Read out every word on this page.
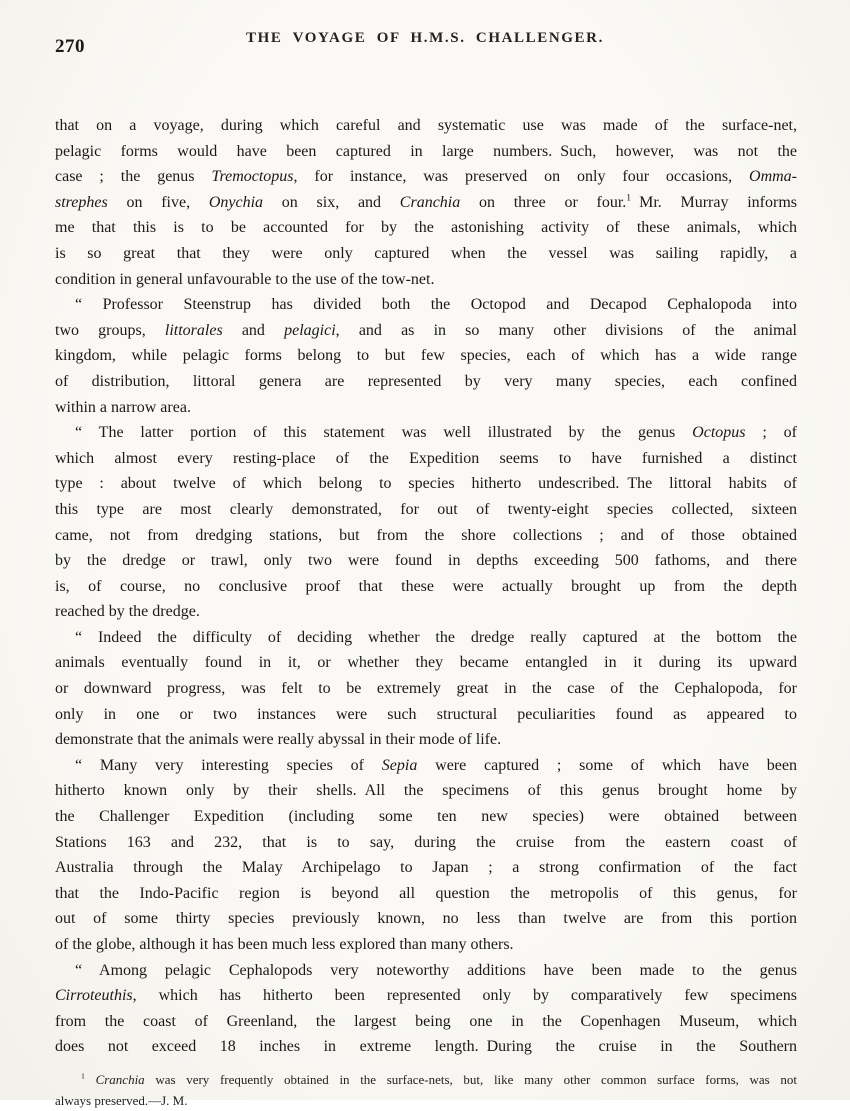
270	THE VOYAGE OF H.M.S. CHALLENGER.
that on a voyage, during which careful and systematic use was made of the surface-net,
pelagic forms would have been captured in large numbers. Such, however, was not the
case ; the genus Tremoctopus, for instance, was preserved on only four occasions, Omma-
strephes on five, Onychia on six, and Cranchia on three or four.$^1$ Mr. Murray informs
me that this is to be accounted for by the astonishing activity of these animals, which
is so great that they were only captured when the vessel was sailing rapidly, a
condition in general unfavourable to the use of the tow-net.
“ Professor Steenstrup has divided both the Octopod and Decapod Cephalopoda into
two groups, littorales and pelagici, and as in so many other divisions of the animal
kingdom, while pelagic forms belong to but few species, each of which has a wide range
of distribution, littoral genera are represented by very many species, each confined
within a narrow area.
“ The latter portion of this statement was well illustrated by the genus Octopus ; of
which almost every resting-place of the Expedition seems to have furnished a distinct
type : about twelve of which belong to species hitherto undescribed. The littoral habits of
this type are most clearly demonstrated, for out of twenty-eight species collected, sixteen
came, not from dredging stations, but from the shore collections ; and of those obtained
by the dredge or trawl, only two were found in depths exceeding 500 fathoms, and there
is, of course, no conclusive proof that these were actually brought up from the depth
reached by the dredge.
“ Indeed the difficulty of deciding whether the dredge really captured at the bottom the
animals eventually found in it, or whether they became entangled in it during its upward
or downward progress, was felt to be extremely great in the case of the Cephalopoda, for
only in one or two instances were such structural peculiarities found as appeared to
demonstrate that the animals were really abyssal in their mode of life.
“ Many very interesting species of Sepia were captured ; some of which have been
hitherto known only by their shells. All the specimens of this genus brought home by
the Challenger Expedition (including some ten new species) were obtained between
Stations 163 and 232, that is to say, during the cruise from the eastern coast of
Australia through the Malay Archipelago to Japan ; a strong confirmation of the fact
that the Indo-Pacific region is beyond all question the metropolis of this genus, for
out of some thirty species previously known, no less than twelve are from this portion
of the globe, although it has been much less explored than many others.
“ Among pelagic Cephalopods very noteworthy additions have been made to the genus
Cirroteuthis, which has hitherto been represented only by comparatively few specimens
from the coast of Greenland, the largest being one in the Copenhagen Museum, which
does not exceed 18 inches in extreme length. During the cruise in the Southern
$^1$ Cranchia was very frequently obtained in the surface-nets, but, like many other common surface forms, was not
always preserved.—J. M.
